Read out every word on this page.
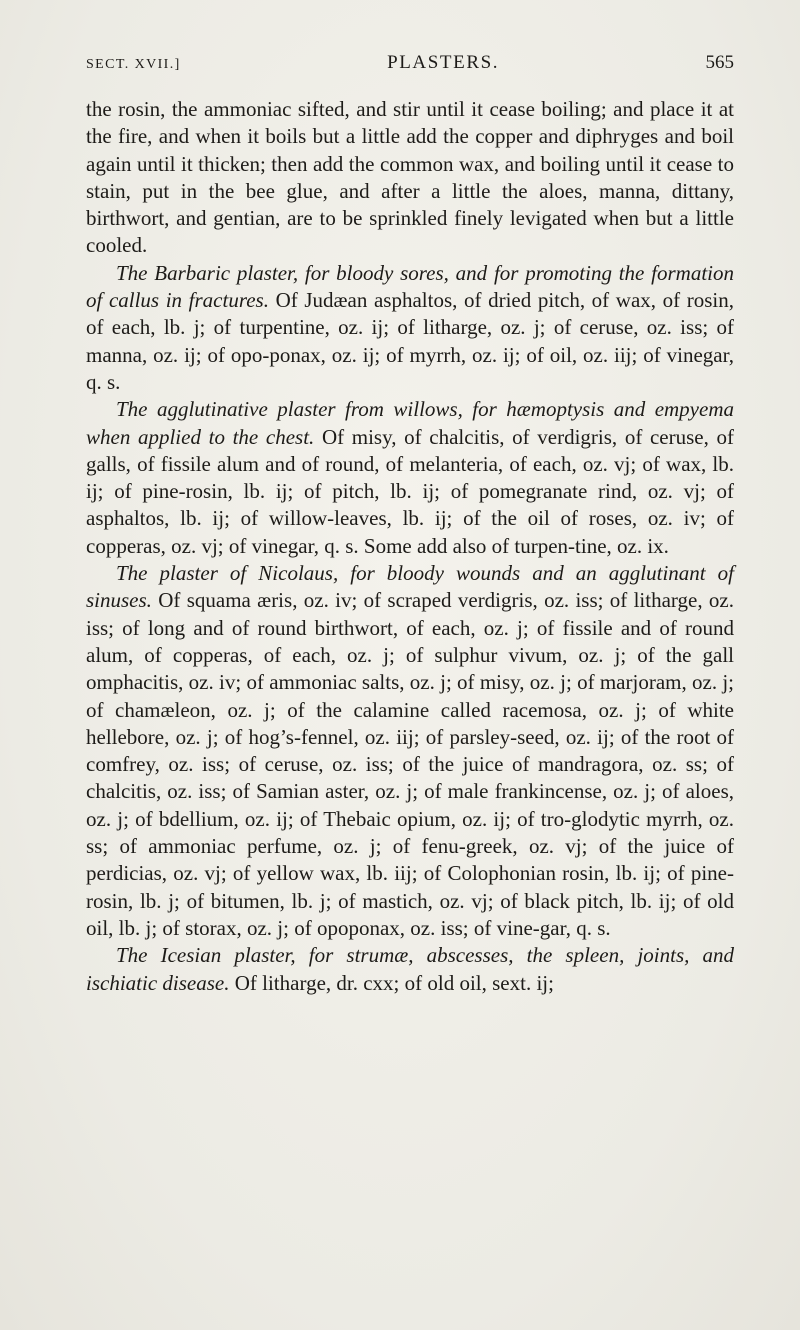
SECT. XVII.]	PLASTERS.	565

the rosin, the ammoniac sifted, and stir until it cease boiling; and place it at the fire, and when it boils but a little add the copper and diphryges and boil again until it thicken; then add the common wax, and boiling until it cease to stain, put in the bee glue, and after a little the aloes, manna, dittany, birthwort, and gentian, are to be sprinkled finely levigated when but a little cooled.

The Barbaric plaster, for bloody sores, and for promoting the formation of callus in fractures. Of Judæan asphaltos, of dried pitch, of wax, of rosin, of each, lb. j; of turpentine, oz. ij; of litharge, oz. j; of ceruse, oz. iss; of manna, oz. ij; of opo-ponax, oz. ij; of myrrh, oz. ij; of oil, oz. iij; of vinegar, q. s.

The agglutinative plaster from willows, for hæmoptysis and empyema when applied to the chest. Of misy, of chalcitis, of verdigris, of ceruse, of galls, of fissile alum and of round, of melanteria, of each, oz. vj; of wax, lb. ij; of pine-rosin, lb. ij; of pitch, lb. ij; of pomegranate rind, oz. vj; of asphaltos, lb. ij; of willow-leaves, lb. ij; of the oil of roses, oz. iv; of copperas, oz. vj; of vinegar, q. s. Some add also of turpen-tine, oz. ix.

The plaster of Nicolaus, for bloody wounds and an agglutinant of sinuses. Of squama æris, oz. iv; of scraped verdigris, oz. iss; of litharge, oz. iss; of long and of round birthwort, of each, oz. j; of fissile and of round alum, of copperas, of each, oz. j; of sulphur vivum, oz. j; of the gall omphacitis, oz. iv; of ammoniac salts, oz. j; of misy, oz. j; of marjoram, oz. j; of chamæleon, oz. j; of the calamine called racemosa, oz. j; of white hellebore, oz. j; of hog’s-fennel, oz. iij; of parsley-seed, oz. ij; of the root of comfrey, oz. iss; of ceruse, oz. iss; of the juice of mandragora, oz. ss; of chalcitis, oz. iss; of Samian aster, oz. j; of male frankincense, oz. j; of aloes, oz. j; of bdellium, oz. ij; of Thebaic opium, oz. ij; of tro-glodytic myrrh, oz. ss; of ammoniac perfume, oz. j; of fenu-greek, oz. vj; of the juice of perdicias, oz. vj; of yellow wax, lb. iij; of Colophonian rosin, lb. ij; of pine-rosin, lb. j; of bitumen, lb. j; of mastich, oz. vj; of black pitch, lb. ij; of old oil, lb. j; of storax, oz. j; of opoponax, oz. iss; of vine-gar, q. s.

The Icesian plaster, for strumæ, abscesses, the spleen, joints, and ischiatic disease. Of litharge, dr. cxx; of old oil, sext. ij;
